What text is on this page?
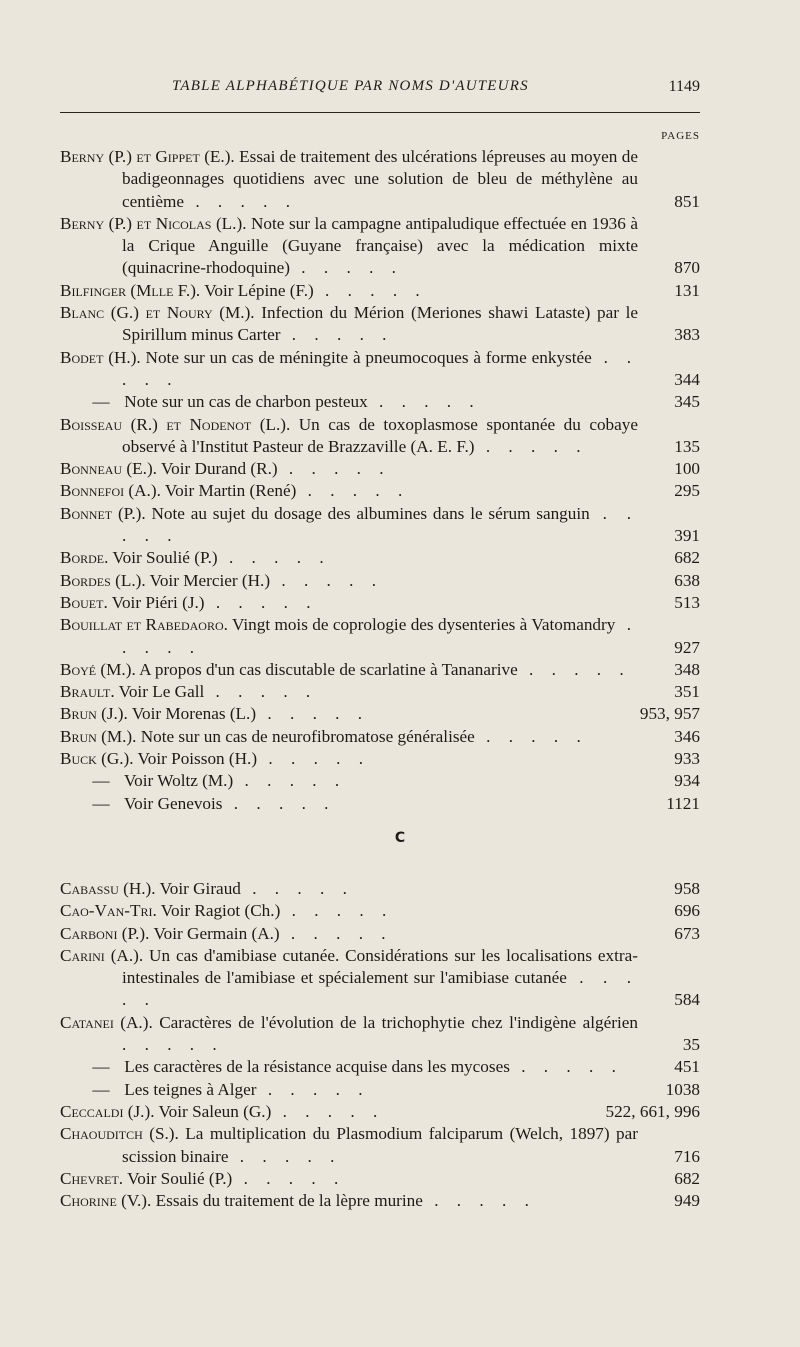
TABLE ALPHABÉTIQUE PAR NOMS D'AUTEURS	1149
PAGES
Berny (P.) et Gippet (E.). Essai de traitement des ulcérations lépreuses au moyen de badigeonnages quotidiens avec une solution de bleu de méthylène au centième . . . . .	851
Berny (P.) et Nicolas (L.). Note sur la campagne antipaludique effectuée en 1936 à la Crique Anguille (Guyane française) avec la médication mixte (quinacrine-rhodoquine) . . . . .	870
Bilfinger (Mlle F.). Voir Lépine (F.) . . . . .	131
Blanc (G.) et Noury (M.). Infection du Mérion (Meriones shawi Lataste) par le Spirillum minus Carter . . . . .	383
Bodet (H.). Note sur un cas de méningite à pneumocoques à forme enkystée . . . . .	344
— Note sur un cas de charbon pesteux . . . . .	345
Boisseau (R.) et Nodenot (L.). Un cas de toxoplasmose spontanée du cobaye observé à l'Institut Pasteur de Brazzaville (A. E. F.) . . . . .	135
Bonneau (E.). Voir Durand (R.) . . . . .	100
Bonnefoi (A.). Voir Martin (René) . . . . .	295
Bonnet (P.). Note au sujet du dosage des albumines dans le sérum sanguin . . . . .	391
Borde. Voir Soulié (P.) . . . . .	682
Bordes (L.). Voir Mercier (H.) . . . . .	638
Bouet. Voir Piéri (J.) . . . . .	513
Bouillat et Rabedaoro. Vingt mois de coprologie des dysenteries à Vatomandry . . . . .	927
Boyé (M.). A propos d'un cas discutable de scarlatine à Tananarive . . . . .	348
Brault. Voir Le Gall . . . . .	351
Brun (J.). Voir Morenas (L.) . . . . .	953, 957
Brun (M.). Note sur un cas de neurofibromatose généralisée . . . . .	346
Buck (G.). Voir Poisson (H.) . . . . .	933
— Voir Woltz (M.) . . . . .	934
— Voir Genevois . . . . .	1121
C
Cabassu (H.). Voir Giraud . . . . .	958
Cao-Van-Tri. Voir Ragiot (Ch.) . . . . .	696
Carboni (P.). Voir Germain (A.) . . . . .	673
Carini (A.). Un cas d'amibiase cutanée. Considérations sur les localisations extra-intestinales de l'amibiase et spécialement sur l'amibiase cutanée . . . . .	584
Catanei (A.). Caractères de l'évolution de la trichophytie chez l'indigène algérien . . . . .	35
— Les caractères de la résistance acquise dans les mycoses . . . . .	451
— Les teignes à Alger . . . . .	1038
Ceccaldi (J.). Voir Saleun (G.) . . . . .	522, 661, 996
Chaouditch (S.). La multiplication du Plasmodium falciparum (Welch, 1897) par scission binaire . . . . .	716
Chevret. Voir Soulié (P.) . . . . .	682
Chorine (V.). Essais du traitement de la lèpre murine . . . . .	949
